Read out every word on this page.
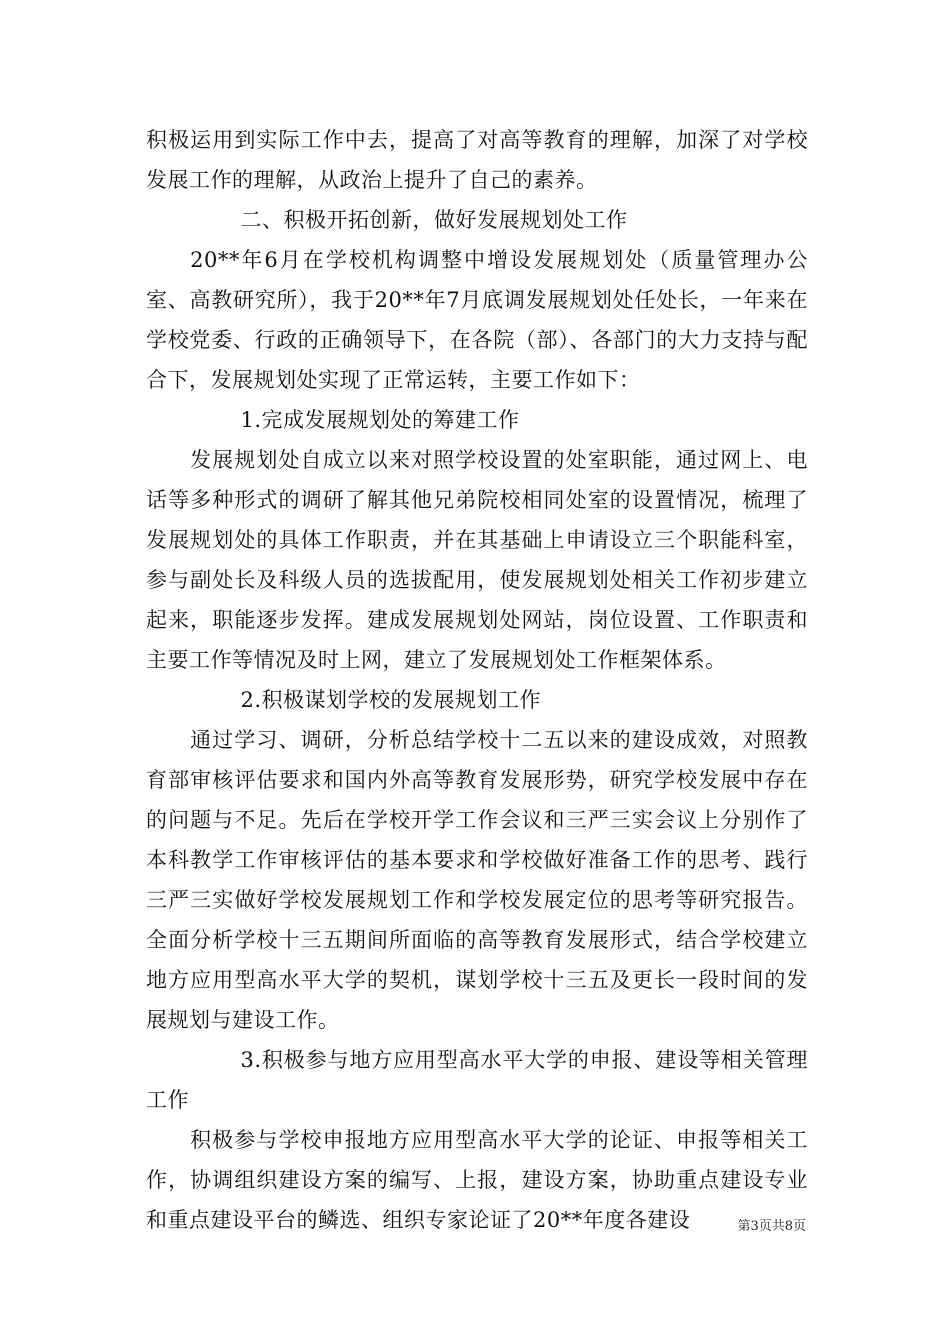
积极运用到实际工作中去，提高了对高等教育的理解，加深了对学校发展工作的理解，从政治上提升了自己的素养。

二、积极开拓创新，做好发展规划处工作

20**年6月在学校机构调整中增设发展规划处（质量管理办公室、高教研究所），我于20**年7月底调发展规划处任处长，一年来在学校党委、行政的正确领导下，在各院（部）、各部门的大力支持与配合下，发展规划处实现了正常运转，主要工作如下：

1.完成发展规划处的筹建工作

发展规划处自成立以来对照学校设置的处室职能，通过网上、电话等多种形式的调研了解其他兄弟院校相同处室的设置情况，梳理了发展规划处的具体工作职责，并在其基础上申请设立三个职能科室，参与副处长及科级人员的选拔配用，使发展规划处相关工作初步建立起来，职能逐步发挥。建成发展规划处网站，岗位设置、工作职责和主要工作等情况及时上网，建立了发展规划处工作框架体系。

2.积极谋划学校的发展规划工作

通过学习、调研，分析总结学校十二五以来的建设成效，对照教育部审核评估要求和国内外高等教育发展形势，研究学校发展中存在的问题与不足。先后在学校开学工作会议和三严三实会议上分别作了本科教学工作审核评估的基本要求和学校做好准备工作的思考、践行三严三实做好学校发展规划工作和学校发展定位的思考等研究报告。全面分析学校十三五期间所面临的高等教育发展形式，结合学校建立地方应用型高水平大学的契机，谋划学校十三五及更长一段时间的发展规划与建设工作。

3.积极参与地方应用型高水平大学的申报、建设等相关管理工作

积极参与学校申报地方应用型高水平大学的论证、申报等相关工作，协调组织建设方案的编写、上报，建设方案，协助重点建设专业和重点建设平台的鳞选、组织专家论证了20**年度各建设	第3页共8页
